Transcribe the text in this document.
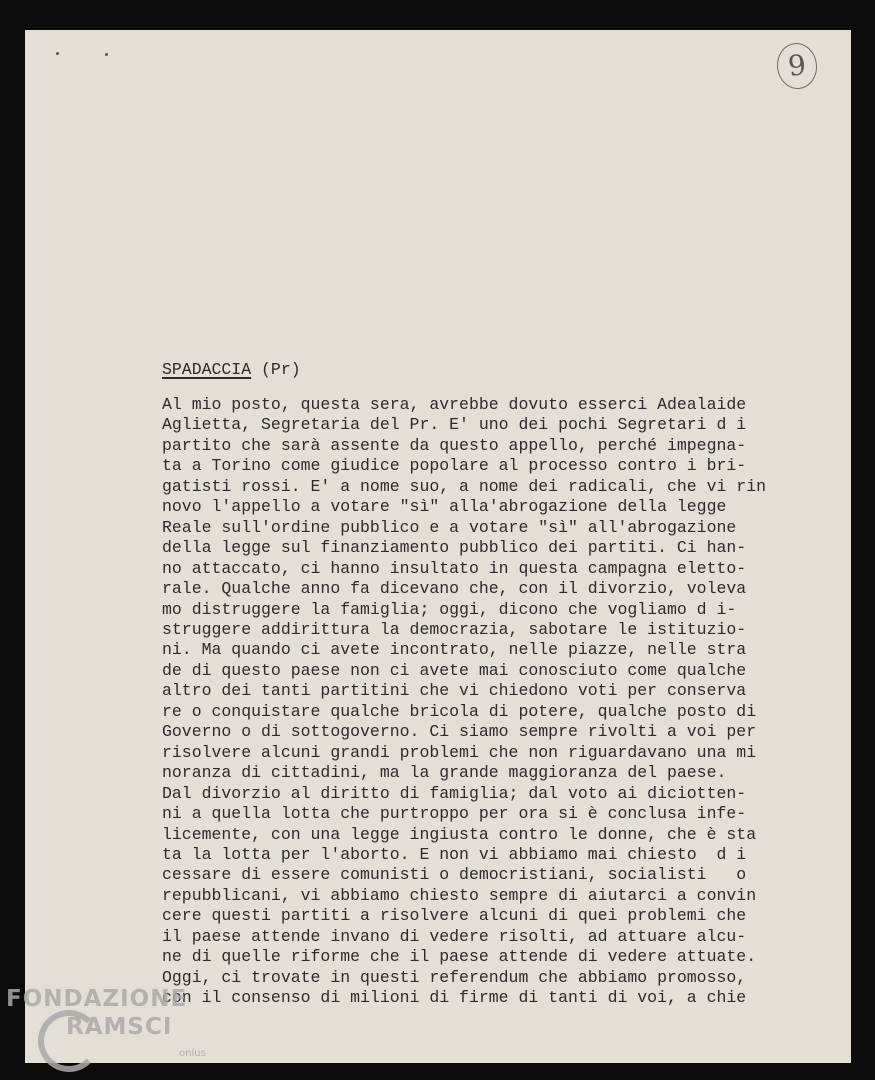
9
SPADACCIA (Pr)
Al mio posto, questa sera, avrebbe dovuto esserci Adealaide
Aglietta, Segretaria del Pr. E' uno dei pochi Segretari d i
partito che sarà assente da questo appello, perché impegna-
ta a Torino come giudice popolare al processo contro i bri-
gatisti rossi. E' a nome suo, a nome dei radicali, che vi rin
novo l'appello a votare "sì" alla'abrogazione della legge
Reale sull'ordine pubblico e a votare "sì" all'abrogazione
della legge sul finanziamento pubblico dei partiti. Ci han-
no attaccato, ci hanno insultato in questa campagna eletto-
rale. Qualche anno fa dicevano che, con il divorzio, voleva
mo distruggere la famiglia; oggi, dicono che vogliamo d i-
struggere addirittura la democrazia, sabotare le istituzio-
ni. Ma quando ci avete incontrato, nelle piazze, nelle stra
de di questo paese non ci avete mai conosciuto come qualche
altro dei tanti partitini che vi chiedono voti per conserva
re o conquistare qualche bricola di potere, qualche posto di
Governo o di sottogoverno. Ci siamo sempre rivolti a voi per
risolvere alcuni grandi problemi che non riguardavano una mi
noranza di cittadini, ma la grande maggioranza del paese.
Dal divorzio al diritto di famiglia; dal voto ai diciotten-
ni a quella lotta che purtroppo per ora si è conclusa infe-
licemente, con una legge ingiusta contro le donne, che è sta
ta la lotta per l'aborto. E non vi abbiamo mai chiesto  d i
cessare di essere comunisti o democristiani, socialisti   o
repubblicani, vi abbiamo chiesto sempre di aiutarci a convin
cere questi partiti a risolvere alcuni di quei problemi che
il paese attende invano di vedere risolti, ad attuare alcu-
ne di quelle riforme che il paese attende di vedere attuate.
Oggi, ci trovate in questi referendum che abbiamo promosso,
con il consenso di milioni di firme di tanti di voi, a chie
FONDAZIONE
RAMSCI
onlus
